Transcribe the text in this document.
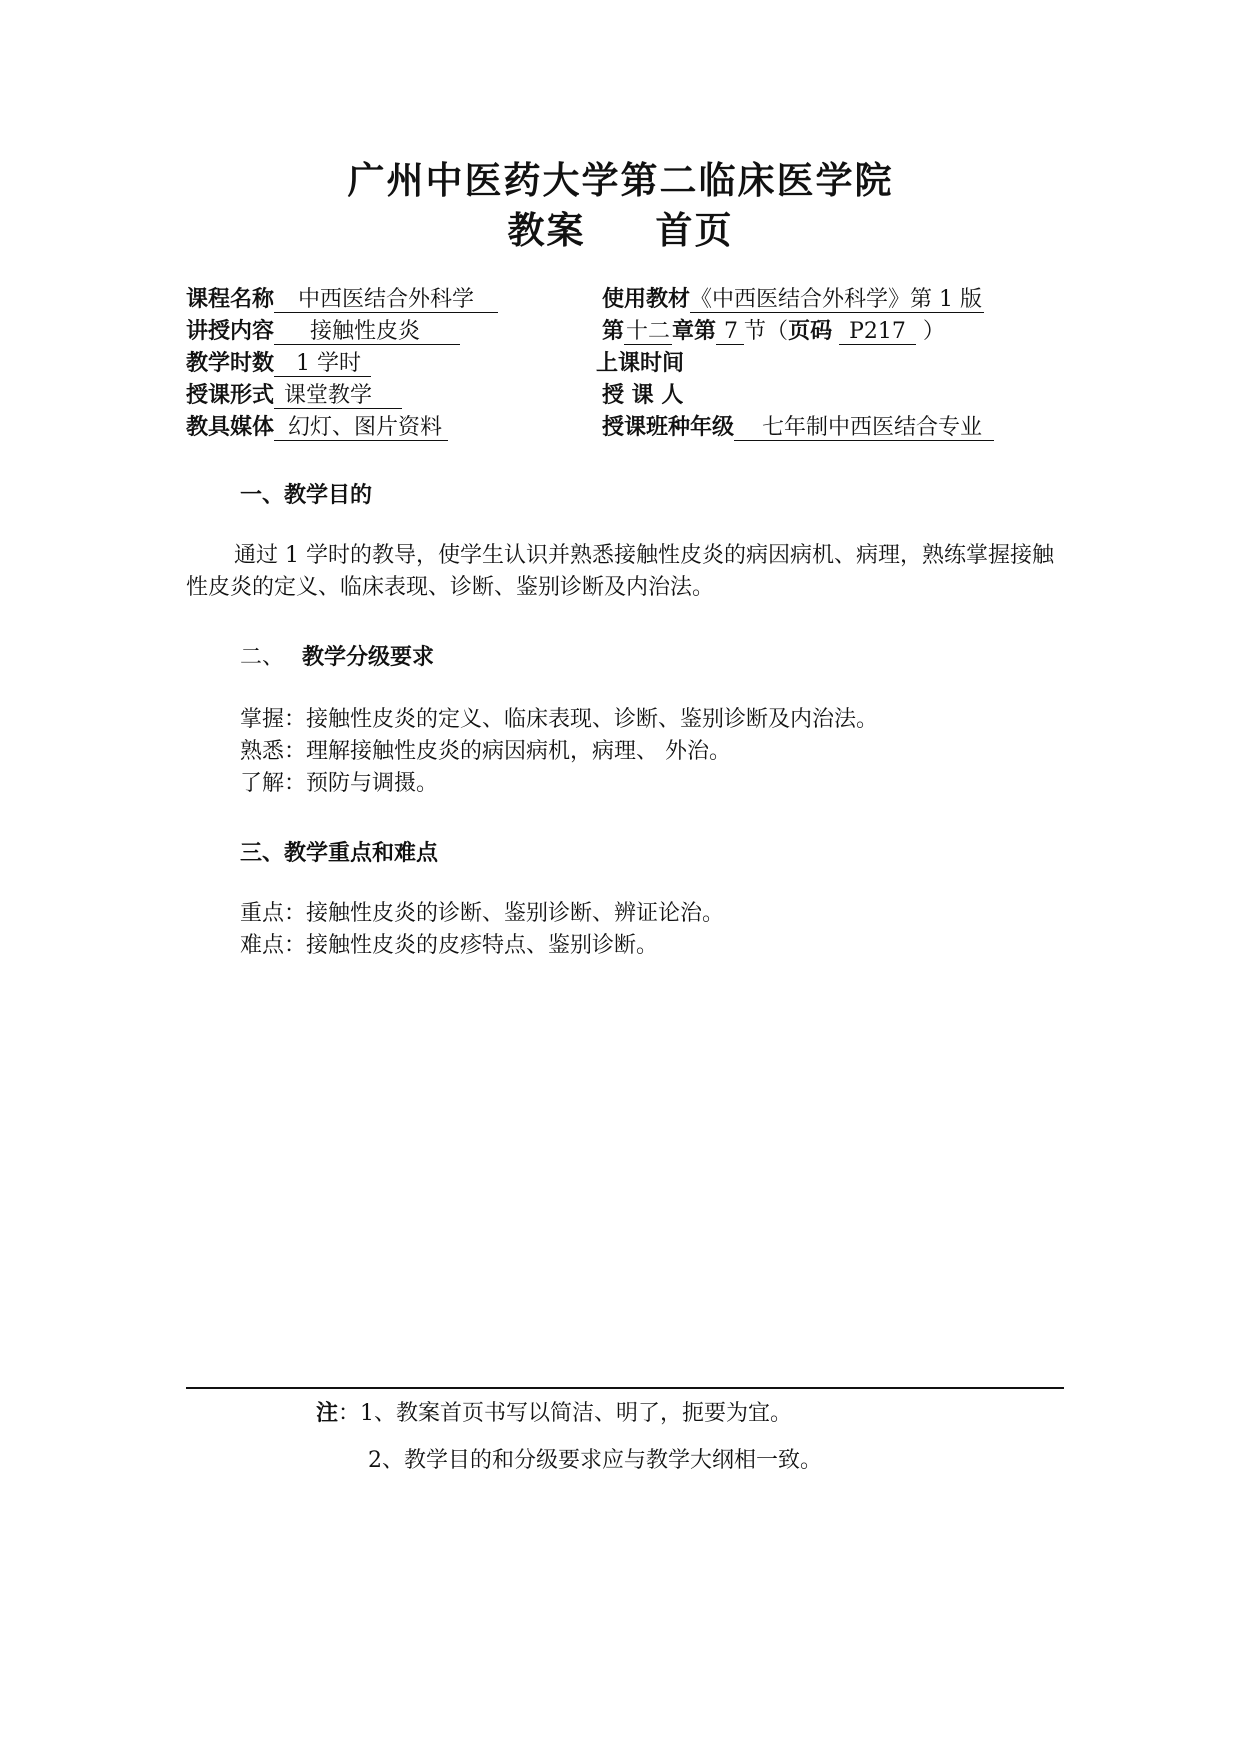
广州中医药大学第二临床医学院
教案 首页
课程名称 中西医结合外科学
讲授内容 接触性皮炎
教学时数 1 学时
授课形式 课堂教学
教具媒体 幻灯、图片资料
使用教材《中西医结合外科学》第 1 版
第十二章第 7 节（页码 P217 ）
上课时间
授 课 人
授课班种年级 七年制中西医结合专业
一、教学目的
通过 1 学时的教导，使学生认识并熟悉接触性皮炎的病因病机、病理，熟练掌握接触性皮炎的定义、临床表现、诊断、鉴别诊断及内治法。
二、 教学分级要求
掌握：接触性皮炎的定义、临床表现、诊断、鉴别诊断及内治法。
熟悉：理解接触性皮炎的病因病机，病理、 外治。
了解：预防与调摄。
三、教学重点和难点
重点：接触性皮炎的诊断、鉴别诊断、辨证论治。
难点：接触性皮炎的皮疹特点、鉴别诊断。
注：1、教案首页书写以简洁、明了，扼要为宜。
2、教学目的和分级要求应与教学大纲相一致。
